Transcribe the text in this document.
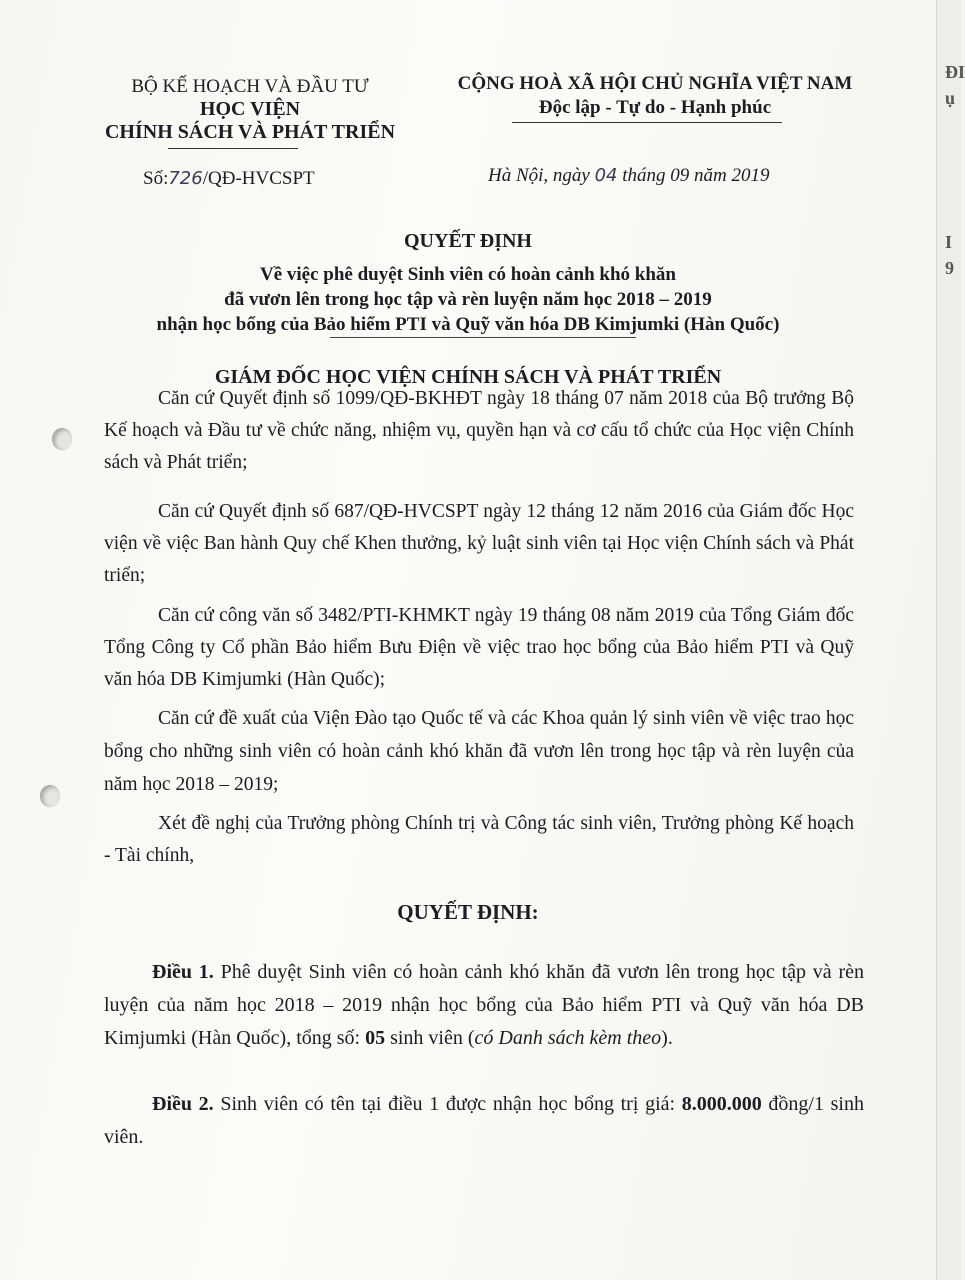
BỘ KẾ HOẠCH VÀ ĐẦU TƯ
HỌC VIỆN
CHÍNH SÁCH VÀ PHÁT TRIỂN
CỘNG HOÀ XÃ HỘI CHỦ NGHĨA VIỆT NAM
Độc lập - Tự do - Hạnh phúc
Số:726/QĐ-HVCSPT	Hà Nội, ngày 04 tháng 09 năm 2019
QUYẾT ĐỊNH
Về việc phê duyệt Sinh viên có hoàn cảnh khó khăn
đã vươn lên trong học tập và rèn luyện năm học 2018 – 2019
nhận học bổng của Bảo hiểm PTI và Quỹ văn hóa DB Kimjumki (Hàn Quốc)
GIÁM ĐỐC HỌC VIỆN CHÍNH SÁCH VÀ PHÁT TRIỂN

Căn cứ Quyết định số 1099/QĐ-BKHĐT ngày 18 tháng 07 năm 2018 của Bộ trưởng Bộ Kế hoạch và Đầu tư về chức năng, nhiệm vụ, quyền hạn và cơ cấu tổ chức của Học viện Chính sách và Phát triển;

Căn cứ Quyết định số 687/QĐ-HVCSPT ngày 12 tháng 12 năm 2016 của Giám đốc Học viện về việc Ban hành Quy chế Khen thưởng, kỷ luật sinh viên tại Học viện Chính sách và Phát triển;

Căn cứ công văn số 3482/PTI-KHMKT ngày 19 tháng 08 năm 2019 của Tổng Giám đốc Tổng Công ty Cổ phần Bảo hiểm Bưu Điện về việc trao học bổng của Bảo hiểm PTI và Quỹ văn hóa DB Kimjumki (Hàn Quốc);

Căn cứ đề xuất của Viện Đào tạo Quốc tế và các Khoa quản lý sinh viên về việc trao học bổng cho những sinh viên có hoàn cảnh khó khăn đã vươn lên trong học tập và rèn luyện của năm học 2018 – 2019;

Xét đề nghị của Trưởng phòng Chính trị và Công tác sinh viên, Trưởng phòng Kế hoạch - Tài chính,

QUYẾT ĐỊNH:

Điều 1. Phê duyệt Sinh viên có hoàn cảnh khó khăn đã vươn lên trong học tập và rèn luyện của năm học 2018 – 2019 nhận học bổng của Bảo hiểm PTI và Quỹ văn hóa DB Kimjumki (Hàn Quốc), tổng số: 05 sinh viên (có Danh sách kèm theo).

Điều 2. Sinh viên có tên tại điều 1 được nhận học bổng trị giá: 8.000.000 đồng/1 sinh viên.

ĐI
ụ
I
9
